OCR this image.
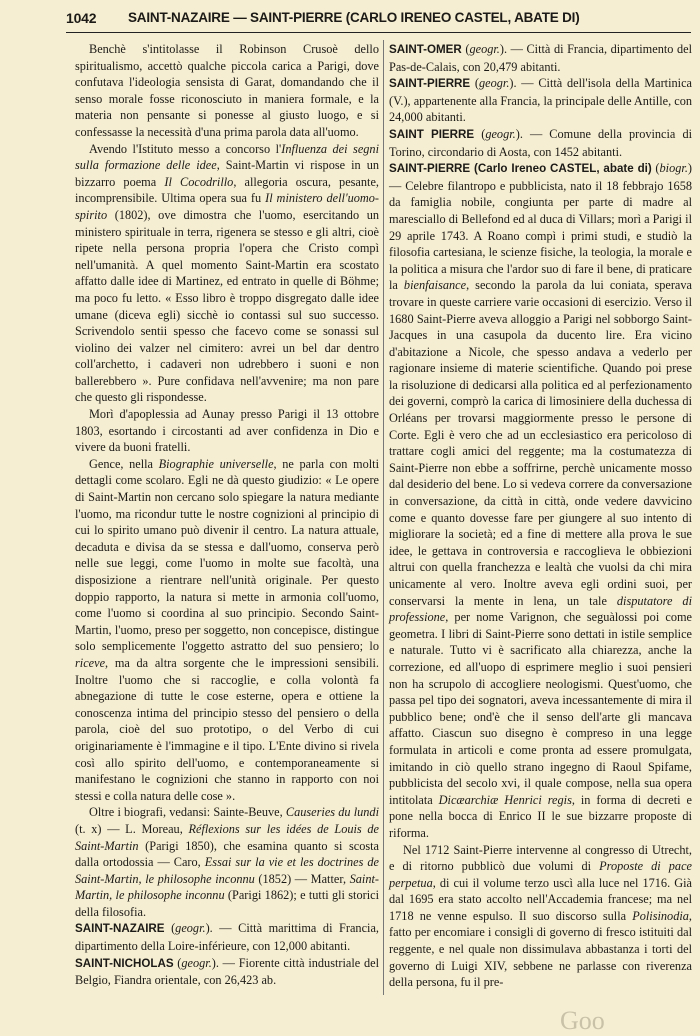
1042 SAINT-NAZAIRE — SAINT-PIERRE (CARLO IRENEO CASTEL, ABATE DI)

Benchè s'intitolasse il Robinson Crusoè dello spiritualismo, accettò qualche piccola carica a Parigi, dove confutava l'ideologia sensista di Garat, domandando che il senso morale fosse riconosciuto in maniera formale, e la materia non pensante si ponesse al giusto luogo, e si confessasse la necessità d'una prima parola data all'uomo.

Avendo l'Istituto messo a concorso l'Influenza dei segni sulla formazione delle idee, Saint-Martin vi rispose in un bizzarro poema Il Cocodrillo, allegoria oscura, pesante, incomprensibile. Ultima opera sua fu Il ministero dell'uomo-spirito (1802), ove dimostra che l'uomo, esercitando un ministero spirituale in terra, rigenera se stesso e gli altri, cioè ripete nella persona propria l'opera che Cristo compì nell'umanità. A quel momento Saint-Martin era scostato affatto dalle idee di Martinez, ed entrato in quelle di Böhme; ma poco fu letto. « Esso libro è troppo disgregato dalle idee umane (diceva egli) sicchè io contassi sul suo successo. Scrivendolo sentii spesso che facevo come se sonassi sul violino dei valzer nel cimitero: avrei un bel dar dentro coll'archetto, i cadaveri non udrebbero i suoni e non ballerebbero ». Pure confidava nell'avvenire; ma non pare che questo gli rispondesse.

Morì d'apoplessia ad Aunay presso Parigi il 13 ottobre 1803, esortando i circostanti ad aver confidenza in Dio e vivere da buoni fratelli.

Gence, nella Biographie universelle, ne parla con molti dettagli come scolaro. Egli ne dà questo giudizio: « Le opere di Saint-Martin non cercano solo spiegare la natura mediante l'uomo, ma ricondur tutte le nostre cognizioni al principio di cui lo spirito umano può divenir il centro. La natura attuale, decaduta e divisa da se stessa e dall'uomo, conserva però nelle sue leggi, come l'uomo in molte sue facoltà, una disposizione a rientrare nell'unità originale. Per questo doppio rapporto, la natura si mette in armonia coll'uomo, come l'uomo si coordina al suo principio. Secondo Saint-Martin, l'uomo, preso per soggetto, non concepisce, distingue solo semplicemente l'oggetto astratto del suo pensiero; lo riceve, ma da altra sorgente che le impressioni sensibili. Inoltre l'uomo che si raccoglie, e colla volontà fa abnegazione di tutte le cose esterne, opera e ottiene la conoscenza intima del principio stesso del pensiero o della parola, cioè del suo prototipo, o del Verbo di cui originariamente è l'immagine e il tipo. L'Ente divino si rivela così allo spirito dell'uomo, e contemporaneamente si manifestano le cognizioni che stanno in rapporto con noi stessi e colla natura delle cose ».

Oltre i biografi, vedansi: Sainte-Beuve, Causeries du lundi (t. x) — L. Moreau, Réflexions sur les idées de Louis de Saint-Martin (Parigi 1850), che esamina quanto si scosta dalla ortodossia — Caro, Essai sur la vie et les doctrines de Saint-Martin, le philosophe inconnu (1852) — Matter, Saint-Martin, le philosophe inconnu (Parigi 1862); e tutti gli storici della filosofia.

SAINT-NAZAIRE (geogr.). — Città marittima di Francia, dipartimento della Loire-inférieure, con 12,000 abitanti.

SAINT-NICHOLAS (geogr.). — Fiorente città industriale del Belgio, Fiandra orientale, con 26,423 ab.

SAINT-OMER (geogr.). — Città di Francia, dipartimento del Pas-de-Calais, con 20,479 abitanti.

SAINT-PIERRE (geogr.). — Città dell'isola della Martinica (V.), appartenente alla Francia, la principale delle Antille, con 24,000 abitanti.

SAINT PIERRE (geogr.). — Comune della provincia di Torino, circondario di Aosta, con 1452 abitanti.

SAINT-PIERRE (Carlo Ireneo CASTEL, abate di) (biogr.) — Celebre filantropo e pubblicista, nato il 18 febbrajo 1658 da famiglia nobile, congiunta per parte di madre al maresciallo di Bellefond ed al duca di Villars; morì a Parigi il 29 aprile 1743. A Roano compì i primi studi, e studiò la filosofia cartesiana, le scienze fisiche, la teologia, la morale e la politica a misura che l'ardor suo di fare il bene, di praticare la bienfaisance, secondo la parola da lui coniata, sperava trovare in queste carriere varie occasioni di esercizio. Verso il 1680 Saint-Pierre aveva alloggio a Parigi nel sobborgo Saint-Jacques in una casupola da ducento lire. Era vicino d'abitazione a Nicole, che spesso andava a vederlo per ragionare insieme di materie scientifiche. Quando poi prese la risoluzione di dedicarsi alla politica ed al perfezionamento dei governi, comprò la carica di limosiniere della duchessa di Orléans per trovarsi maggiormente presso le persone di Corte. Egli è vero che ad un ecclesiastico era pericoloso di trattare cogli amici del reggente; ma la costumatezza di Saint-Pierre non ebbe a soffrirne, perchè unicamente mosso dal desiderio del bene. Lo si vedeva correre da conversazione in conversazione, da città in città, onde vedere davvicino come e quanto dovesse fare per giungere al suo intento di migliorare la società; ed a fine di mettere alla prova le sue idee, le gettava in controversia e raccoglieva le obbiezioni altrui con quella franchezza e lealtà che vuolsi da chi mira unicamente al vero. Inoltre aveva egli ordini suoi, per conservarsi la mente in lena, un tale disputatore di professione, per nome Varignon, che seguàlossi poi come geometra. I libri di Saint-Pierre sono dettati in istile semplice e naturale. Tutto vi è sacrificato alla chiarezza, anche la correzione, ed all'uopo di esprimere meglio i suoi pensieri non ha scrupolo di accogliere neologismi. Quest'uomo, che passa pel tipo dei sognatori, aveva incessantemente di mira il pubblico bene; ond'è che il senso dell'arte gli mancava affatto. Ciascun suo disegno è compreso in una legge formulata in articoli e come pronta ad essere promulgata, imitando in ciò quello strano ingegno di Raoul Spifame, pubblicista del secolo xvi, il quale compose, nella sua opera intitolata Dicæarchiæ Henrici regis, in forma di decreti e pone nella bocca di Enrico II le sue bizzarre proposte di riforma.

Nel 1712 Saint-Pierre intervenne al congresso di Utrecht, e di ritorno pubblicò due volumi di Proposte di pace perpetua, di cui il volume terzo uscì alla luce nel 1716. Già dal 1695 era stato accolto nell'Accademia francese; ma nel 1718 ne venne espulso. Il suo discorso sulla Polisinodia, fatto per encomiare i consigli di governo di fresco istituiti dal reggente, e nel quale non dissimulava abbastanza i torti del governo di Luigi XIV, sebbene ne parlasse con riverenza della persona, fu il pre-

Goo
